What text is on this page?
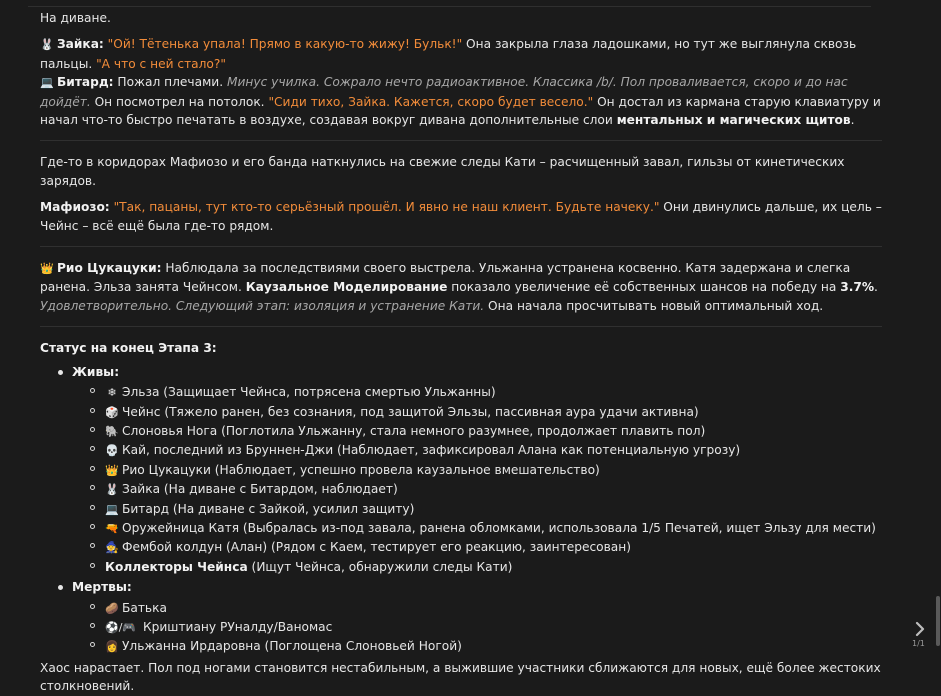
На диване.

🐰 Зайка: "Ой! Тётенька упала! Прямо в какую-то жижу! Бульк!" Она закрыла глаза ладошками, но тут же выглянула сквозь пальцы. "А что с ней стало?"

💻 Битард: Пожал плечами. Минус училка. Сожрало нечто радиоактивное. Классика /b/. Пол проваливается, скоро и до нас дойдёт. Он посмотрел на потолок. "Сиди тихо, Зайка. Кажется, скоро будет весело." Он достал из кармана старую клавиатуру и начал что-то быстро печатать в воздухе, создавая вокруг дивана дополнительные слои ментальных и магических щитов.

Где-то в коридорах Мафиозо и его банда наткнулись на свежие следы Кати – расчищенный завал, гильзы от кинетических зарядов.

Мафиозо: "Так, пацаны, тут кто-то серьёзный прошёл. И явно не наш клиент. Будьте начеку." Они двинулись дальше, их цель – Чейнс – всё ещё была где-то рядом.

👑 Рио Цукацуки: Наблюдала за последствиями своего выстрела. Ульжанна устранена косвенно. Катя задержана и слегка ранена. Эльза занята Чейнсом. Каузальное Моделирование показало увеличение её собственных шансов на победу на 3.7%. Удовлетворительно. Следующий этап: изоляция и устранение Кати. Она начала просчитывать новый оптимальный ход.

Статус на конец Этапа 3:

Живы:
❄ Эльза (Защищает Чейнса, потрясена смертью Ульжанны)
🎲 Чейнс (Тяжело ранен, без сознания, под защитой Эльзы, пассивная аура удачи активна)
🐘 Слоновья Нога (Поглотила Ульжанну, стала немного разумнее, продолжает плавить пол)
💀 Кай, последний из Бруннен-Джи (Наблюдает, зафиксировал Алана как потенциальную угрозу)
👑 Рио Цукацуки (Наблюдает, успешно провела каузальное вмешательство)
🐰 Зайка (На диване с Битардом, наблюдает)
💻 Битард (На диване с Зайкой, усилил защиту)
🔫 Оружейница Катя (Выбралась из-под завала, ранена обломками, использовала 1/5 Печатей, ищет Эльзу для мести)
🧙 Фембой колдун (Алан) (Рядом с Каем, тестирует его реакцию, заинтересован)
Коллекторы Чейнса (Ищут Чейнса, обнаружили следы Кати)
Мертвы:
🥔 Батька
⚽/🎮 Криштиану РУналду/Ваномас
👩 Ульжанна Ирдаровна (Поглощена Слоновьей Ногой)

Хаос нарастает. Пол под ногами становится нестабильным, а выжившие участники сближаются для новых, ещё более жестоких столкновений.

1/1
